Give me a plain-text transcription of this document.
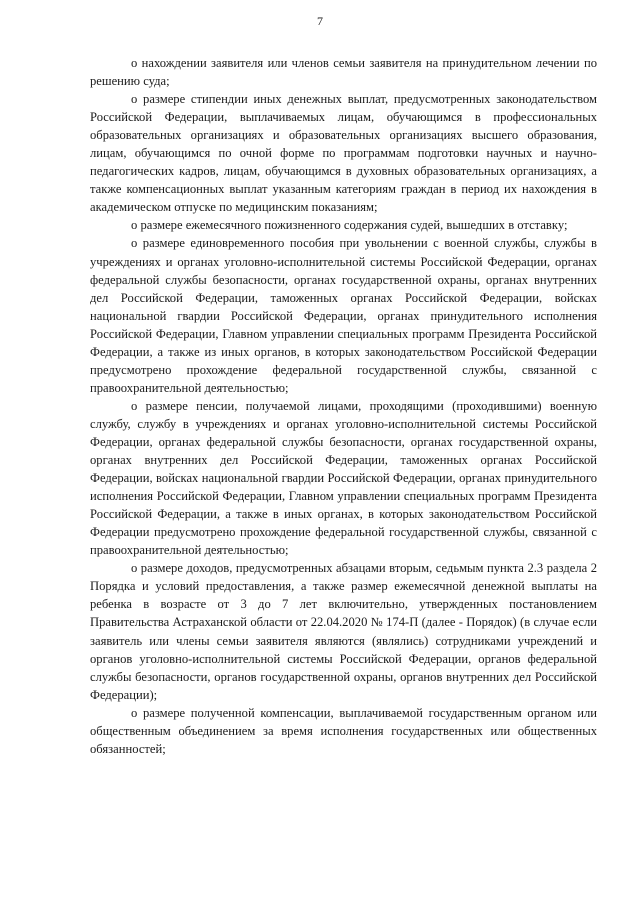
7

о нахождении заявителя или членов семьи заявителя на принудительном лечении по решению суда;

о размере стипендии иных денежных выплат, предусмотренных законодательством Российской Федерации, выплачиваемых лицам, обучающимся в профессиональных образовательных организациях и образовательных организациях высшего образования, лицам, обучающимся по очной форме по программам подготовки научных и научно-педагогических кадров, лицам, обучающимся в духовных образовательных организациях, а также компенсационных выплат указанным категориям граждан в период их нахождения в академическом отпуске по медицинским показаниям;

о размере ежемесячного пожизненного содержания судей, вышедших в отставку;

о размере единовременного пособия при увольнении с военной службы, службы в учреждениях и органах уголовно-исполнительной системы Российской Федерации, органах федеральной службы безопасности, органах государственной охраны, органах внутренних дел Российской Федерации, таможенных органах Российской Федерации, войсках национальной гвардии Российской Федерации, органах принудительного исполнения Российской Федерации, Главном управлении специальных программ Президента Российской Федерации, а также из иных органов, в которых законодательством Российской Федерации предусмотрено прохождение федеральной государственной службы, связанной с правоохранительной деятельностью;

о размере пенсии, получаемой лицами, проходящими (проходившими) военную службу, службу в учреждениях и органах уголовно-исполнительной системы Российской Федерации, органах федеральной службы безопасности, органах государственной охраны, органах внутренних дел Российской Федерации, таможенных органах Российской Федерации, войсках национальной гвардии Российской Федерации, органах принудительного исполнения Российской Федерации, Главном управлении специальных программ Президента Российской Федерации, а также в иных органах, в которых законодательством Российской Федерации предусмотрено прохождение федеральной государственной службы, связанной с правоохранительной деятельностью;

о размере доходов, предусмотренных абзацами вторым, седьмым пункта 2.3 раздела 2 Порядка и условий предоставления, а также размер ежемесячной денежной выплаты на ребенка в возрасте от 3 до 7 лет включительно, утвержденных постановлением Правительства Астраханской области от 22.04.2020 № 174-П (далее - Порядок) (в случае если заявитель или члены семьи заявителя являются (являлись) сотрудниками учреждений и органов уголовно-исполнительной системы Российской Федерации, органов федеральной службы безопасности, органов государственной охраны, органов внутренних дел Российской Федерации);

о размере полученной компенсации, выплачиваемой государственным органом или общественным объединением за время исполнения государственных или общественных обязанностей;
